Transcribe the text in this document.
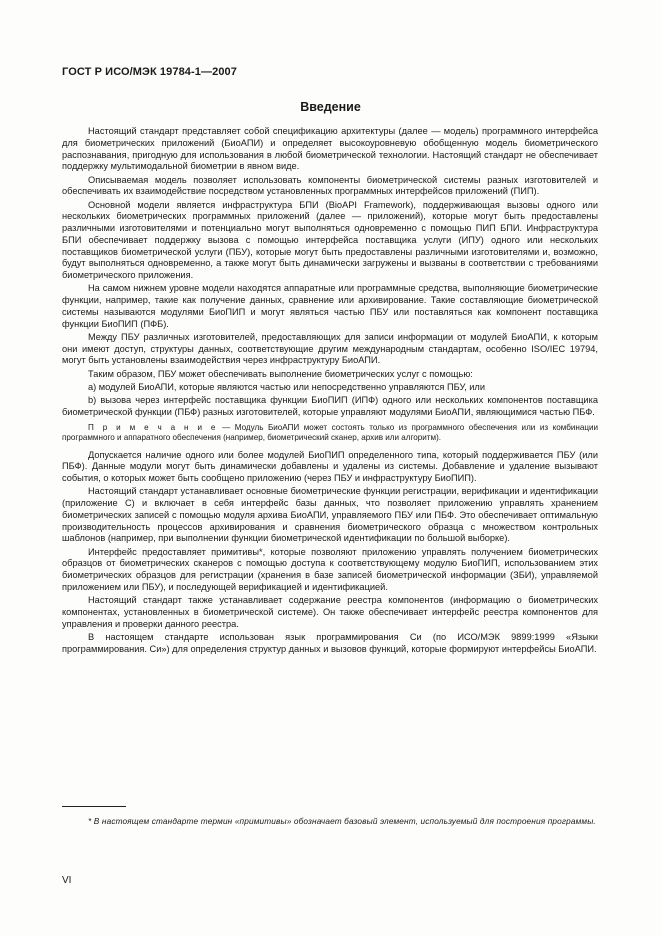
ГОСТ Р ИСО/МЭК 19784-1—2007
Введение

Настоящий стандарт представляет собой спецификацию архитектуры (далее — модель) программного интерфейса для биометрических приложений (БиоАПИ) и определяет высокоуровневую обобщенную модель биометрического распознавания, пригодную для использования в любой биометрической технологии. Настоящий стандарт не обеспечивает поддержку мультимодальной биометрии в явном виде.

Описываемая модель позволяет использовать компоненты биометрической системы разных изготовителей и обеспечивать их взаимодействие посредством установленных программных интерфейсов приложений (ПИП).

Основной модели является инфраструктура БПИ (BioAPI Framework), поддерживающая вызовы одного или нескольких биометрических программных приложений (далее — приложений), которые могут быть предоставлены различными изготовителями и потенциально могут выполняться одновременно с помощью ПИП БПИ. Инфраструктура БПИ обеспечивает поддержку вызова с помощью интерфейса поставщика услуги (ИПУ) одного или нескольких поставщиков биометрической услуги (ПБУ), которые могут быть предоставлены различными изготовителями и, возможно, будут выполняться одновременно, а также могут быть динамически загружены и вызваны в соответствии с требованиями биометрического приложения.

На самом нижнем уровне модели находятся аппаратные или программные средства, выполняющие биометрические функции, например, такие как получение данных, сравнение или архивирование. Такие составляющие биометрической системы называются модулями БиоПИП и могут являться частью ПБУ или поставляться как компонент поставщика функции БиоПИП (ПФБ).

Между ПБУ различных изготовителей, предоставляющих для записи информации от модулей БиоАПИ, к которым они имеют доступ, структуры данных, соответствующие другим международным стандартам, особенно ISO/IEC 19794, могут быть установлены взаимодействия через инфраструктуру БиоАПИ.

Таким образом, ПБУ может обеспечивать выполнение биометрических услуг с помощью:

а) модулей БиоАПИ, которые являются частью или непосредственно управляются ПБУ, или

b) вызова через интерфейс поставщика функции БиоПИП (ИПФ) одного или нескольких компонентов поставщика биометрической функции (ПБФ) разных изготовителей, которые управляют модулями БиоАПИ, являющимися частью ПБФ.

П р и м е ч а н и е — Модуль БиоАПИ может состоять только из программного обеспечения или из комбинации программного и аппаратного обеспечения (например, биометрический сканер, архив или алгоритм).

Допускается наличие одного или более модулей БиоПИП определенного типа, который поддерживается ПБУ (или ПБФ). Данные модули могут быть динамически добавлены и удалены из системы. Добавление и удаление вызывают события, о которых может быть сообщено приложению (через ПБУ и инфраструктуру БиоПИП).

Настоящий стандарт устанавливает основные биометрические функции регистрации, верификации и идентификации (приложение С) и включает в себя интерфейс базы данных, что позволяет приложению управлять хранением биометрических записей с помощью модуля архива БиоАПИ, управляемого ПБУ или ПБФ. Это обеспечивает оптимальную производительность процессов архивирования и сравнения биометрического образца с множеством контрольных шаблонов (например, при выполнении функции биометрической идентификации по большой выборке).

Интерфейс предоставляет примитивы*, которые позволяют приложению управлять получением биометрических образцов от биометрических сканеров с помощью доступа к соответствующему модулю БиоПИП, использованием этих биометрических образцов для регистрации (хранения в базе записей биометрической информации (ЗБИ), управляемой приложением или ПБУ), и последующей верификацией и идентификацией.

Настоящий стандарт также устанавливает содержание реестра компонентов (информацию о биометрических компонентах, установленных в биометрической системе). Он также обеспечивает интерфейс реестра компонентов для управления и проверки данного реестра.

В настоящем стандарте использован язык программирования Си (по ИСО/МЭК 9899:1999 «Языки программирования. Си») для определения структур данных и вызовов функций, которые формируют интерфейсы БиоАПИ.

* В настоящем стандарте термин «примитивы» обозначает базовый элемент, используемый для построения программы.
VI
